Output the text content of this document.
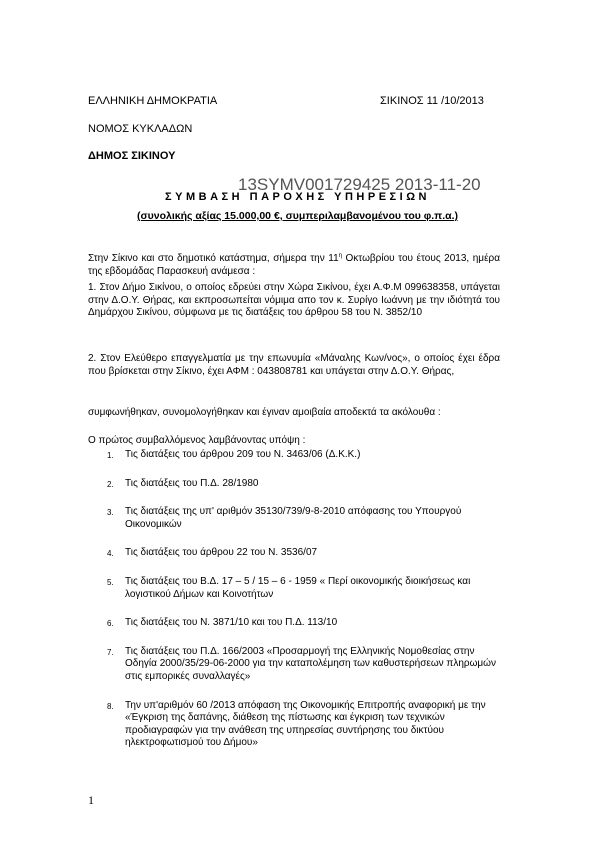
ΕΛΛΗΝΙΚΗ ΔΗΜΟΚΡΑΤΙΑ	ΣΙΚΙΝΟΣ 11 /10/2013
ΝΟΜΟΣ ΚΥΚΛΑΔΩΝ
ΔΗΜΟΣ ΣΙΚΙΝΟΥ
13SYMV001729425 2013-11-20
ΣΥΜΒΑΣΗ ΠΑΡΟΧΗΣ ΥΠΗΡΕΣΙΩΝ
(συνολικής αξίας 15.000,00 €, συμπεριλαμβανομένου του φ.π.α.)
Στην Σίκινο και στο δημοτικό κατάστημα, σήμερα την $11^\eta$ Οκτωβρίου του έτους 2013, ημέρα της εβδομάδας Παρασκευή ανάμεσα :
1. Στον Δήμο Σικίνου, ο οποίος εδρεύει στην Χώρα Σικίνου, έχει Α.Φ.Μ 099638358, υπάγεται στην Δ.Ο.Υ. Θήρας, και εκπροσωπείται νόμιμα απο τον κ. Συρίγο Ιωάννη με την ιδιότητά του Δημάρχου Σικίνου, σύμφωνα με τις διατάξεις του άρθρου 58 του Ν. 3852/10
2. Στον Ελεύθερο επαγγελματία με την επωνυμία «Μάναλης Κων/νος», ο οποίος έχει έδρα που βρίσκεται στην Σίκινο, έχει ΑΦΜ : 043808781 και υπάγεται στην Δ.Ο.Υ. Θήρας,
συμφωνήθηκαν, συνομολογήθηκαν και έγιναν αμοιβαία αποδεκτά τα ακόλουθα :
Ο πρώτος συμβαλλόμενος λαμβάνοντας υπόψη :
1. Τις διατάξεις του άρθρου 209 του Ν. 3463/06 (Δ.Κ.Κ.)
2. Τις διατάξεις του Π.Δ. 28/1980
3. Τις διατάξεις της υπ' αριθμόν 35130/739/9-8-2010 απόφασης του Υπουργού Οικονομικών
4. Τις διατάξεις του άρθρου 22 του Ν. 3536/07
5. Τις διατάξεις του Β.Δ. 17 – 5 / 15 – 6 - 1959 « Περί οικονομικής διοικήσεως και λογιστικού Δήμων και Κοινοτήτων
6. Τις διατάξεις του Ν. 3871/10 και του Π.Δ. 113/10
7. Τις διατάξεις του Π.Δ. 166/2003 «Προσαρμογή της Ελληνικής Νομοθεσίας στην Οδηγία 2000/35/29-06-2000 για την καταπολέμηση των καθυστερήσεων πληρωμών στις εμπορικές συναλλαγές»
8. Την υπ'αριθμόν 60 /2013 απόφαση της Οικονομικής Επιτροπής αναφορική με την «Έγκριση της δαπάνης, διάθεση της πίστωσης και έγκριση των τεχνικών προδιαγραφών για την ανάθεση της υπηρεσίας συντήρησης του δικτύου ηλεκτροφωτισμού του Δήμου»
1
